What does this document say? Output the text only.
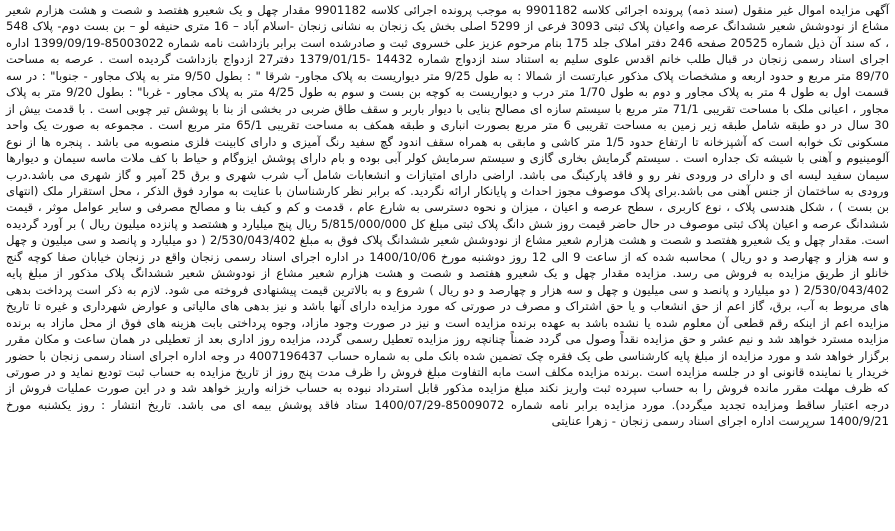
آگهی مزایده اموال غیر منقول (سند ذمه) پرونده اجرائی کلاسه 9901182 به موجب پرونده اجرائی کلاسه 9901182 مقدار چهل و یک شعیرو هفتصد و شصت و هشت هزارم شعیر مشاع از نودوشش شعیر ششدانگ عرصه واعیان پلاک ثبتی 3093 فرعی از 5299 اصلی بخش یک زنجان به نشانی زنجان -اسلام آباد – 16 متری حنیفه لو – بن بست دوم- پلاک 548 ، که سند آن ذیل شماره 20525 صفحه 246 دفتر املاک جلد 175 بنام مرحوم عزیز علی خسروی ثبت و صادرشده است برابر بازداشت نامه شماره 85003022-1399/09/19 اداره اجرای اسناد رسمی زنجان در قبال طلب خانم اقدس علوی سلیم به استناد سند ازدواج شماره 14432 -1379/01/15 دفتر27 ازدواج بازداشت گردیده است . عرصه به مساحت 89/70 متر مربع و حدود اربعه و مشخصات پلاک مذکور عبارتست از شمالا : به طول 9/25 متر دیواریست به پلاک مجاور- شرقا " : بطول 9/50 متر به پلاک مجاور - جنوبا" : در سه قسمت اول به طول 4 متر به پلاک مجاور و دوم به طول 1/70 متر درب و دیواریست به کوچه بن بست و سوم به طول 4/25 متر به پلاک مجاور - غربا" : بطول 9/20 متر به پلاک مجاور ، اعیانی ملک با مساحت تقریبی 71/1 متر مربع با سیستم سازه ای مصالح بنایی با دیوار باربر و سقف طاق ضربی در بخشی از بنا با پوشش تیر چوبی است . با قدمت بیش از 30 سال در دو طبقه شامل طبقه زیر زمین به مساحت تقریبی 6 متر مربع بصورت انباری و طبقه همکف به مساحت تقریبی 65/1 متر مربع است . مجموعه به صورت یک واحد مسکونی تک خوابه است که آشپزخانه تا ارتفاع حدود 1/5 متر کاشی و مابقی به همراه سقف اندود گچ سفید رنگ آمیزی و دارای کابینت فلزی منصوبه می باشد . پنجره ها از نوع آلومینیوم و آهنی با شیشه تک جداره است . سیستم گرمایش بخاری گازی و سیستم سرمایش کولر آبی بوده و بام دارای پوشش ایزوگام و حیاط با کف ملات ماسه سیمان و دیوارها سیمان سفید لیسه ای و دارای در ورودی نفر رو و فاقد پارکینگ می باشد. اراضی دارای امتیازات و انشعابات شامل آب شرب شهری و برق 25 آمپر و گاز شهری می باشد.درب ورودی به ساختمان از جنس آهنی می باشد.برای پلاک موصوف مجوز احداث و پایانکار ارائه نگردید. که برابر نظر کارشناسان با عنایت به موارد فوق الذکر ، محل استقرار ملک (انتهای بن بست ) ، شکل هندسی پلاک ، نوع کاربری ، سطح عرصه و اعیان ، میزان و نحوه دسترسی به شارع عام ، قدمت و کم و کیف بنا و مصالح مصرفی و سایر عوامل موثر ، قیمت ششدانگ عرصه و اعیان پلاک ثبتی موصوف در حال حاضر قیمت روز شش دانگ پلاک ثبتی مبلغ کل 5/815/000/000 ریال پنج میلیارد و هشتصد و پانزده میلیون ریال ) بر آورد گردیده است. مقدار چهل و یک شعیرو هفتصد و شصت و هشت هزارم شعیر مشاع از نودوشش شعیر ششدانگ پلاک فوق به مبلغ 2/530/043/402 ( دو میلیارد و پانصد و سی میلیون و چهل و سه هزار و چهارصد و دو ریال ) محاسبه شده که از ساعت 9 الی 12 روز دوشنبه مورخ 1400/10/06 در اداره اجرای اسناد رسمی زنجان واقع در زنجان خیابان صفا کوچه گنج خانلو از طریق مزایده به فروش می رسد. مزایده مقدار چهل و یک شعیرو هفتصد و شصت و هشت هزارم شعیر مشاع از نودوشش شعیر ششدانگ پلاک مذکور از مبلغ پایه 2/530/043/402 ( دو میلیارد و پانصد و سی میلیون و چهل و سه هزار و چهارصد و دو ریال ) شروع و به بالاترین قیمت پیشنهادی فروخته می شود. لازم به ذکر است پرداخت بدهی های مربوط به آب، برق، گاز اعم از حق انشعاب و یا حق اشتراک و مصرف در صورتی که مورد مزایده دارای آنها باشد و نیز بدهی های مالیاتی و عوارض شهرداری و غیره تا تاریخ مزایده اعم از اینکه رقم قطعی آن معلوم شده یا نشده باشد به عهده برنده مزایده است و نیز در صورت وجود مازاد، وجوه پرداختی بابت هزینه های فوق از محل مازاد به برنده مزایده مسترد خواهد شد و نیم عشر و حق مزایده نقداً وصول می گردد ضمناً چنانچه روز مزایده تعطیل رسمی گردد، مزایده روز اداری بعد از تعطیلی در همان ساعت و مکان مقرر برگزار خواهد شد و مورد مزایده از مبلغ پایه کارشناسی طی یک فقره چک تضمین شده بانک ملی به شماره حساب 4007196437 در وجه اداره اجرای اسناد رسمی زنجان با حضور خریدار یا نماینده قانونی او در جلسه مزایده است .برنده مزایده مکلف است مابه التفاوت مبلغ فروش را ظرف مدت پنج روز از تاریخ مزایده به حساب ثبت تودیع نماید و در صورتی که ظرف مهلت مقرر مانده فروش را به حساب سپرده ثبت واریز نکند مبلغ مزایده مذکور قابل استرداد نبوده به حساب خزانه واریز خواهد شد و در این صورت عملیات فروش از درجه اعتبار ساقط ومزایده تجدید میگردد). مورد مزایده برابر نامه شماره 85009072-1400/07/29 ستاد فاقد پوشش بیمه ای می باشد. تاریخ انتشار : روز یکشنبه مورخ 1400/9/21 سرپرست اداره اجرای اسناد رسمی زنجان - زهرا عنایتی
